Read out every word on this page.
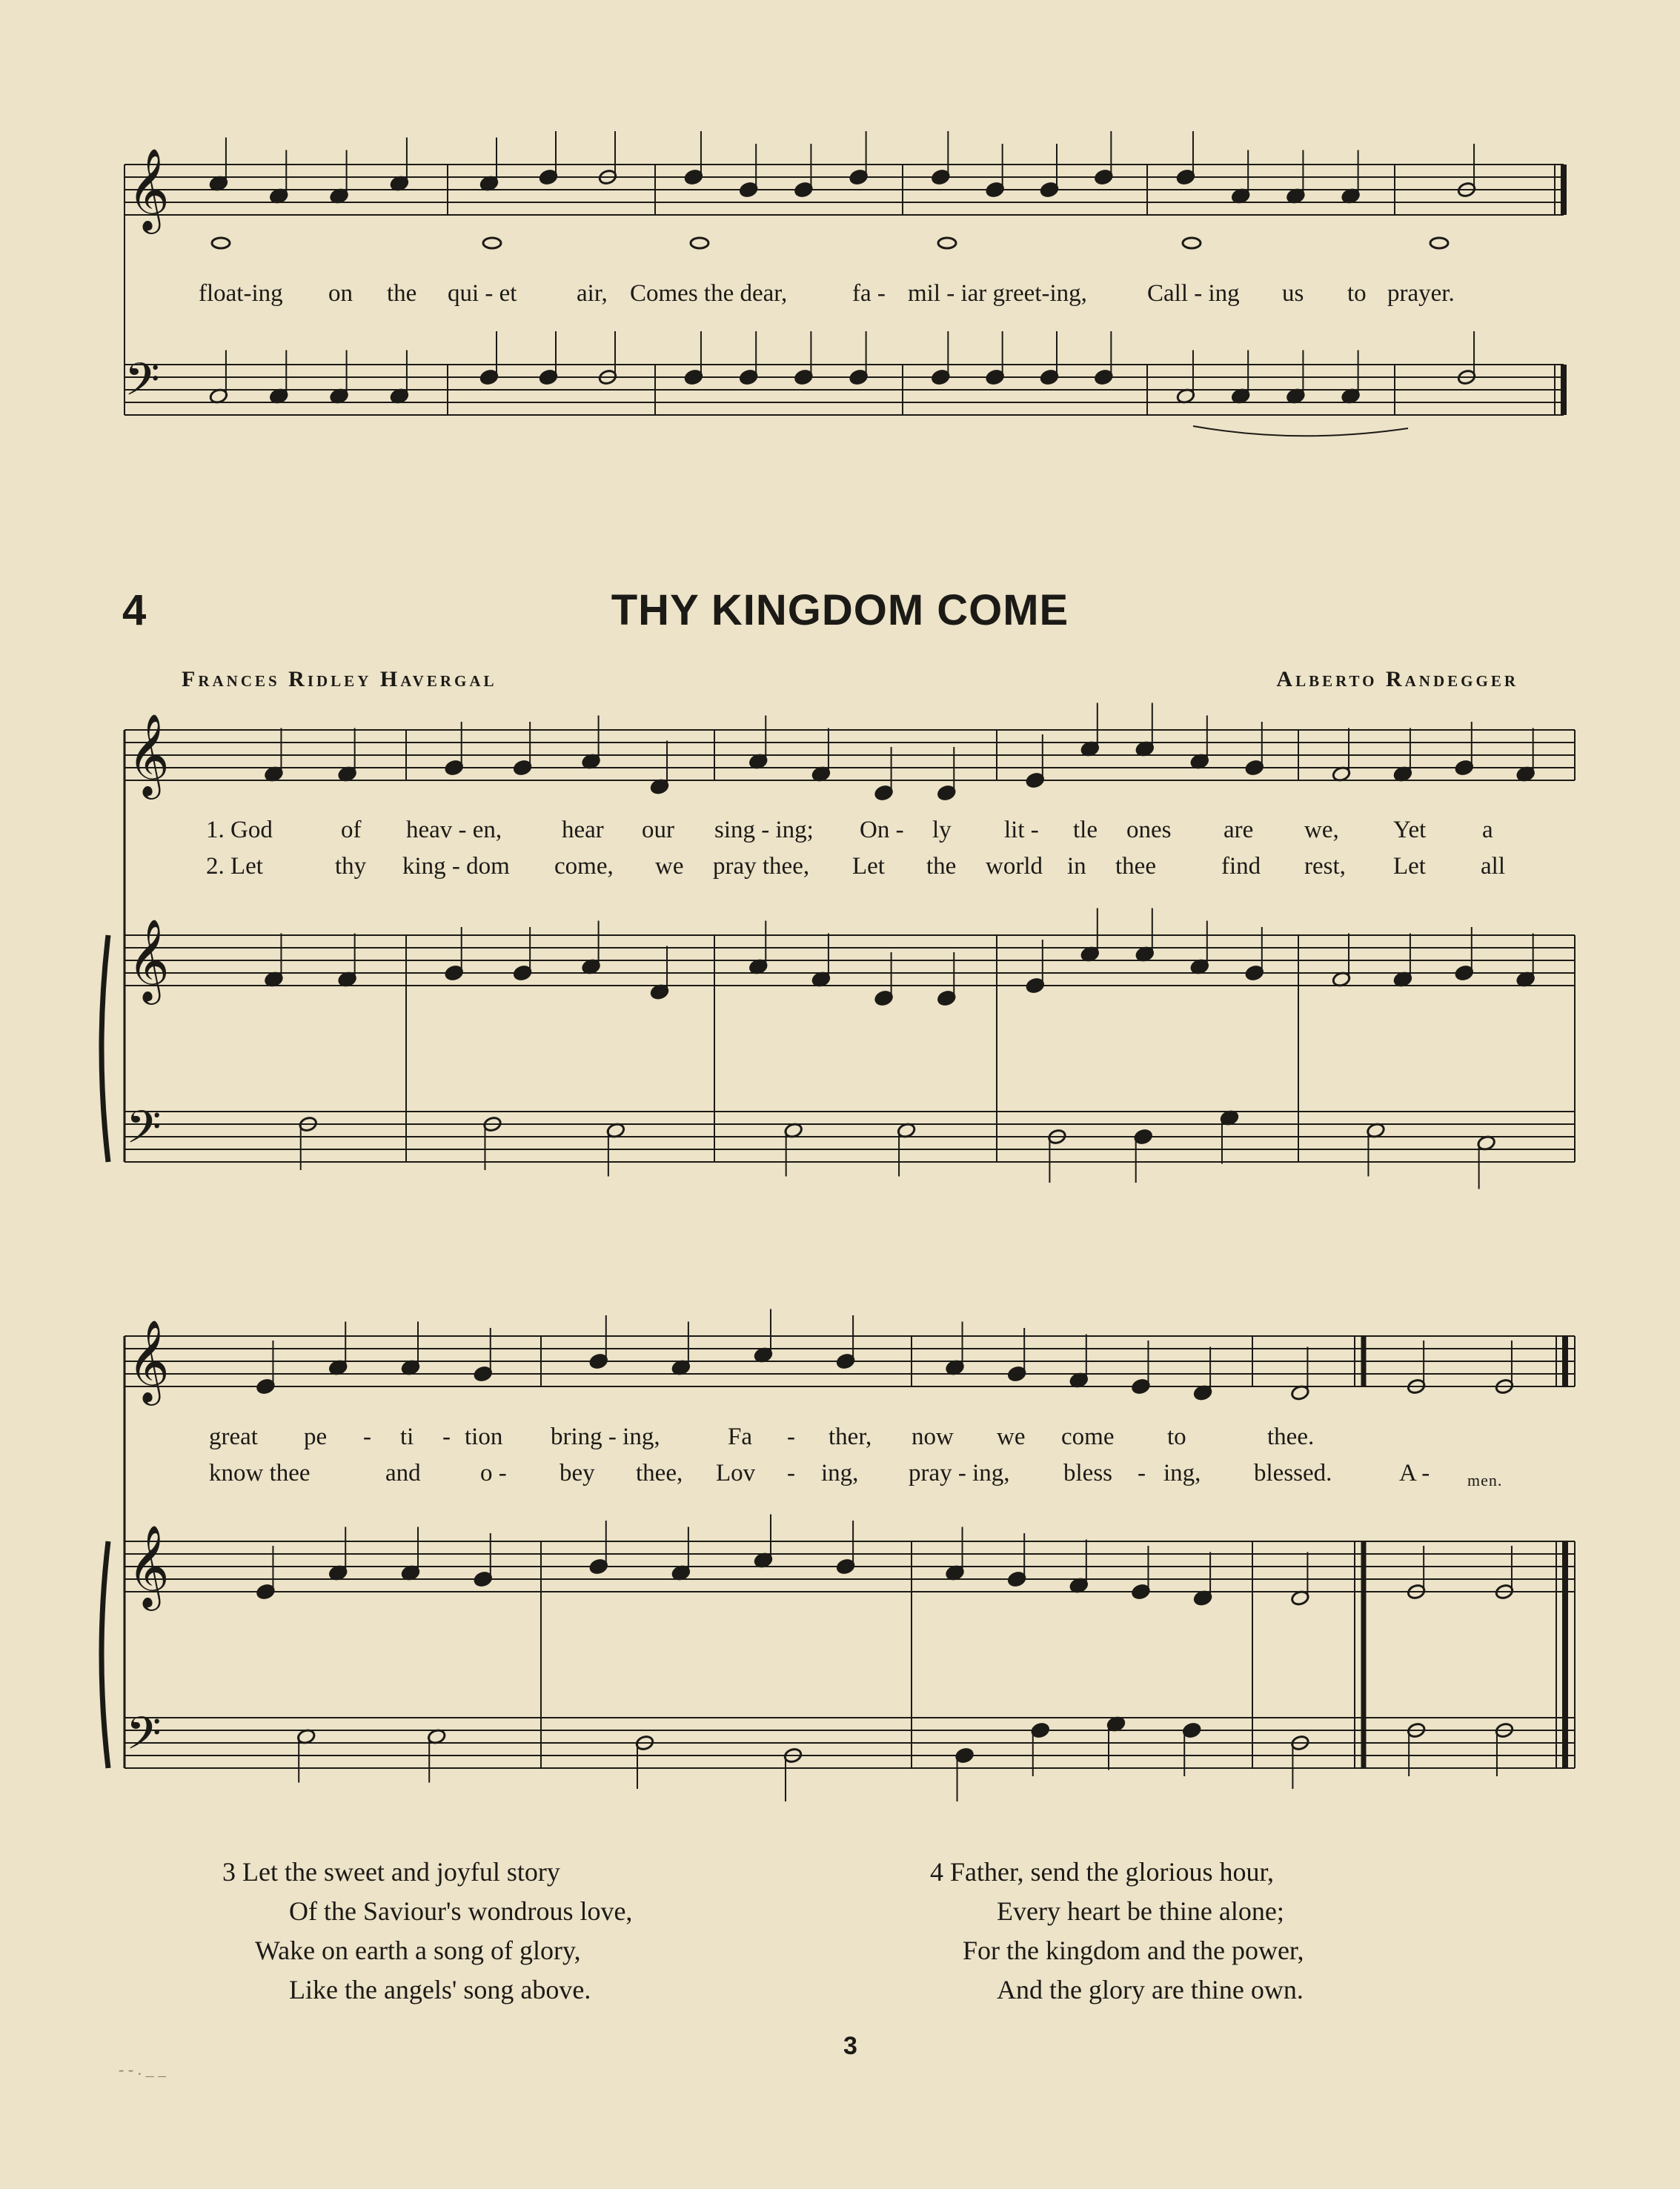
𝄞
𝄢
𝄞
𝄞
𝄢
𝄞
𝄞
𝄢
float-ing on the qui - et air, Comes the dear,	fa - mil - iar greet-ing, Call - ing us to prayer.
4	THY KINGDOM COME
Frances Ridley Havergal	Alberto Randegger
1. God	of heav - en, hear our sing - ing; On - ly lit - tle ones are we, Yet a
2. Let	thy king - dom come, we pray thee, Let the world in thee	find rest, Let all
great pe - ti - tion bring - ing,	Fa - ther, now we come to	thee.
know thee	and o - bey thee, Lov - ing, pray - ing, bless - ing, blessed.	A - men.
3 Let the sweet and joyful story
Of the Saviour's wondrous love,
Wake on earth a song of glory,
Like the angels' song above.
4 Father, send the glorious hour,
Every heart be thine alone;
For the kingdom and the power,
And the glory are thine own.
3
- - . _ _
